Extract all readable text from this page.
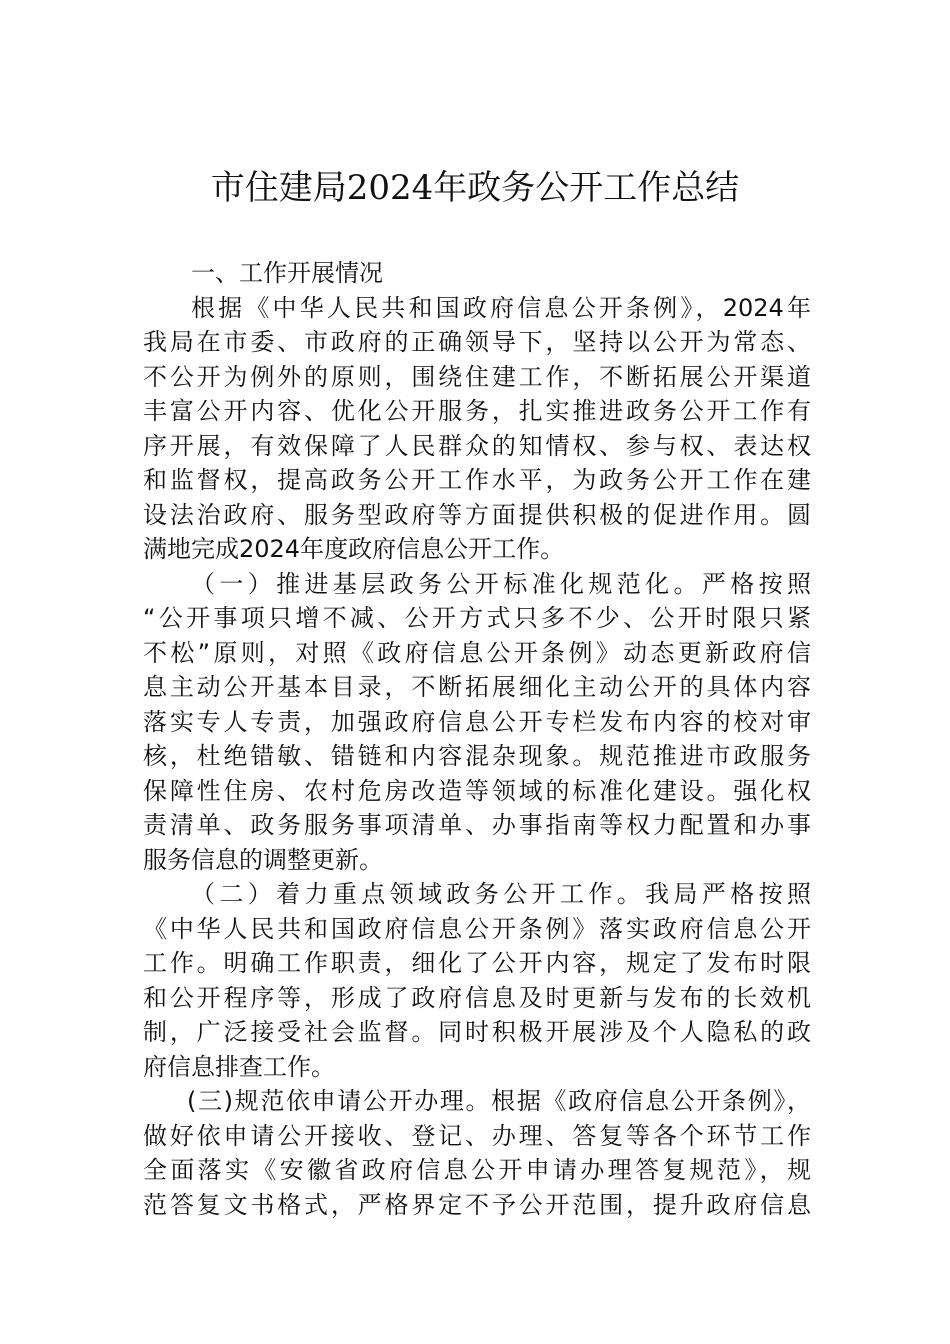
市住建局2024年政务公开工作总结
一、工作开展情况
根据《中华人民共和国政府信息公开条例》，2024年
我局在市委、市政府的正确领导下，坚持以公开为常态、
不公开为例外的原则，围绕住建工作，不断拓展公开渠道
丰富公开内容、优化公开服务，扎实推进政务公开工作有
序开展，有效保障了人民群众的知情权、参与权、表达权
和监督权，提高政务公开工作水平，为政务公开工作在建
设法治政府、服务型政府等方面提供积极的促进作用。圆
满地完成2024年度政府信息公开工作。
（一）推进基层政务公开标准化规范化。严格按照
“公开事项只增不减、公开方式只多不少、公开时限只紧
不松”原则，对照《政府信息公开条例》动态更新政府信
息主动公开基本目录，不断拓展细化主动公开的具体内容
落实专人专责，加强政府信息公开专栏发布内容的校对审
核，杜绝错敏、错链和内容混杂现象。规范推进市政服务
保障性住房、农村危房改造等领域的标准化建设。强化权
责清单、政务服务事项清单、办事指南等权力配置和办事
服务信息的调整更新。
（二）着力重点领域政务公开工作。我局严格按照
《中华人民共和国政府信息公开条例》落实政府信息公开
工作。明确工作职责，细化了公开内容，规定了发布时限
和公开程序等，形成了政府信息及时更新与发布的长效机
制，广泛接受社会监督。同时积极开展涉及个人隐私的政
府信息排查工作。
(三)规范依申请公开办理。根据《政府信息公开条例》，
做好依申请公开接收、登记、办理、答复等各个环节工作
全面落实《安徽省政府信息公开申请办理答复规范》，规
范答复文书格式，严格界定不予公开范围，提升政府信息
